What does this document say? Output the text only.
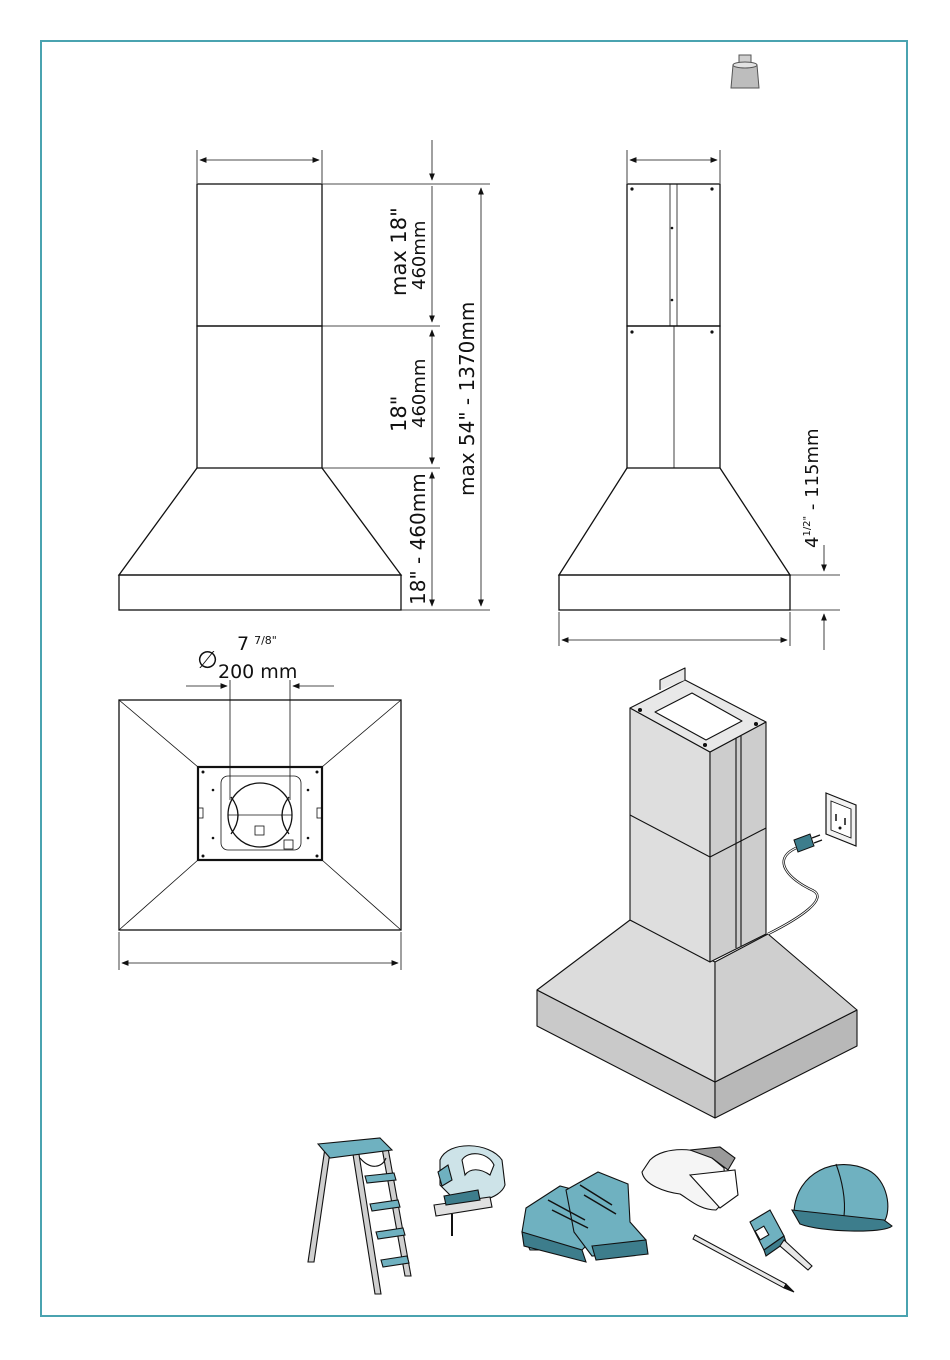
max 18"
460mm
18"
460mm
18" - 460mm
max 54" - 1370mm
$4^{1/2"} - 115mm$
∅
7 $^{7/8"}$
200 mm
